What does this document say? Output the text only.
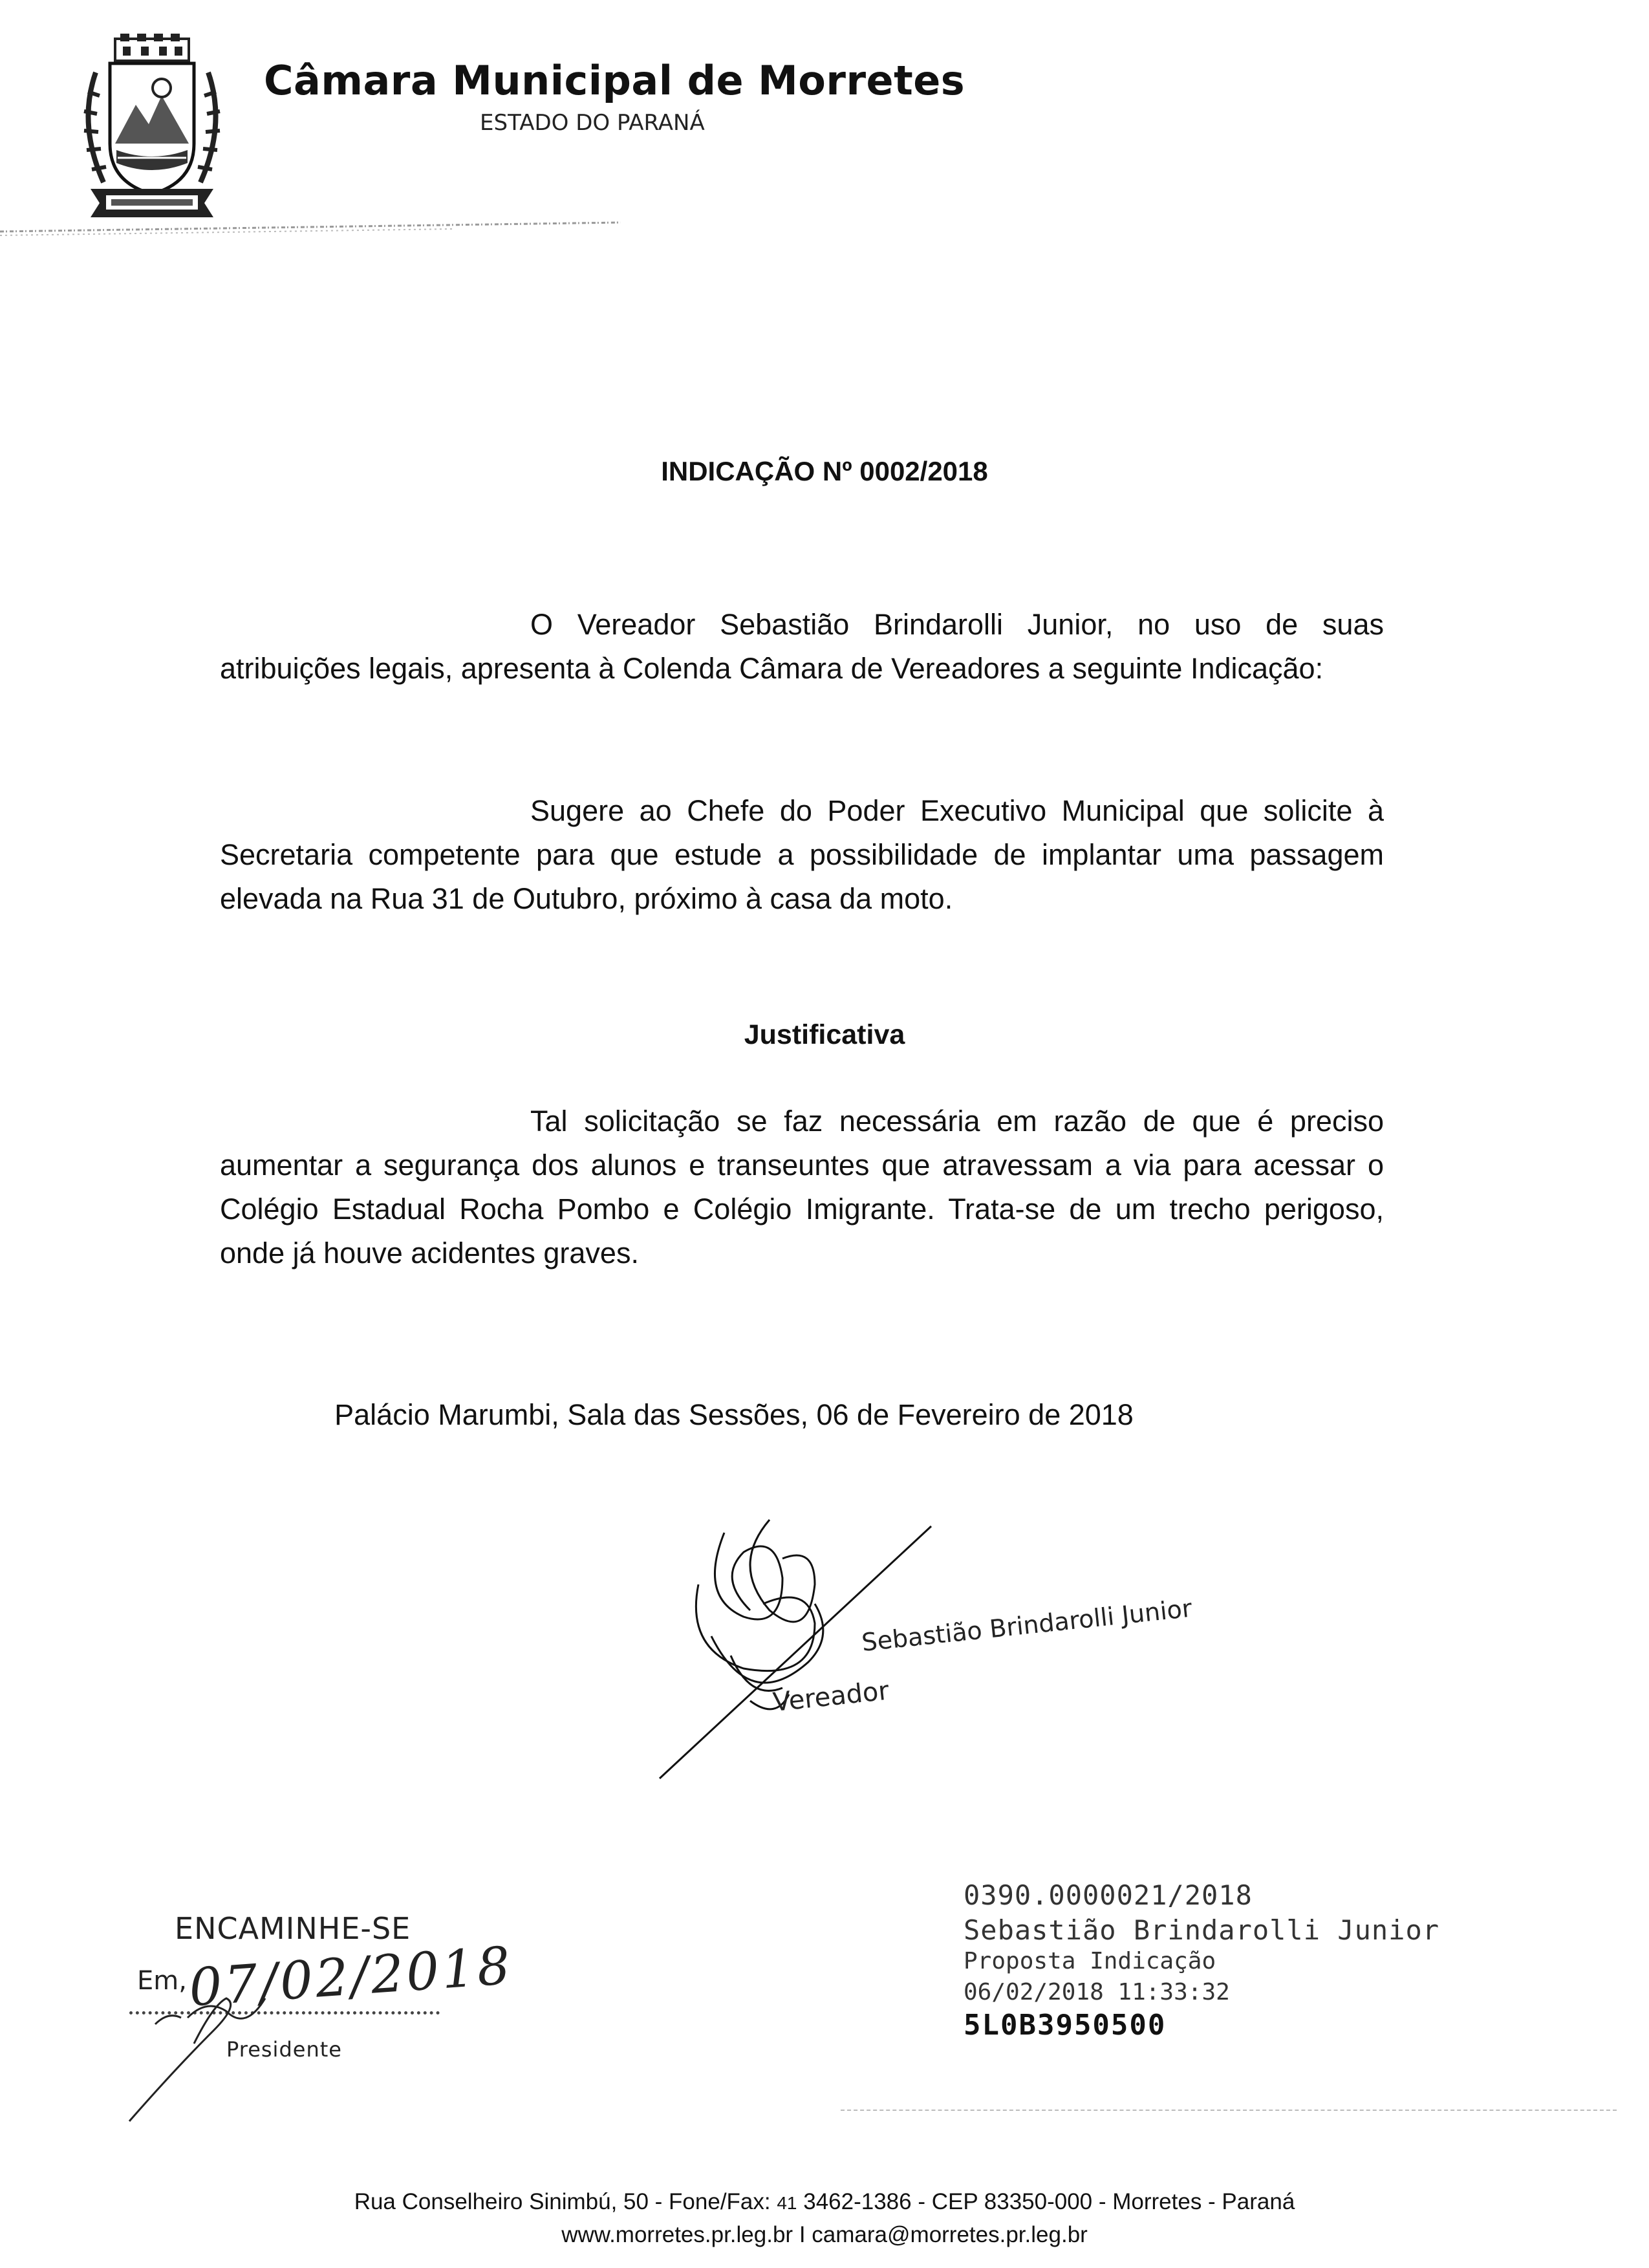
Câmara Municipal de Morretes
ESTADO DO PARANÁ
INDICAÇÃO Nº 0002/2018
O Vereador Sebastião Brindarolli Junior, no uso de suas atribuições legais, apresenta à Colenda Câmara de Vereadores a seguinte Indicação:
Sugere ao Chefe do Poder Executivo Municipal que solicite à Secretaria competente para que estude a possibilidade de implantar uma passagem elevada na Rua 31 de Outubro, próximo à casa da moto.
Justificativa
Tal solicitação se faz necessária em razão de que é preciso aumentar a segurança dos alunos e transeuntes que atravessam a via para acessar o Colégio Estadual Rocha Pombo e Colégio Imigrante. Trata-se de um trecho perigoso, onde já houve acidentes graves.
Palácio Marumbi, Sala das Sessões, 06 de Fevereiro de 2018
Sebastião Brindarolli Junior
Vereador
0390.0000021/2018
Sebastião Brindarolli Junior
Proposta Indicação
06/02/2018 11:33:32
5L0B3950500
ENCAMINHE-SE
Em, 07/02/2018
Presidente
Rua Conselheiro Sinimbú, 50 - Fone/Fax: 41 3462-1386 - CEP 83350-000 - Morretes - Paraná
www.morretes.pr.leg.br I camara@morretes.pr.leg.br
